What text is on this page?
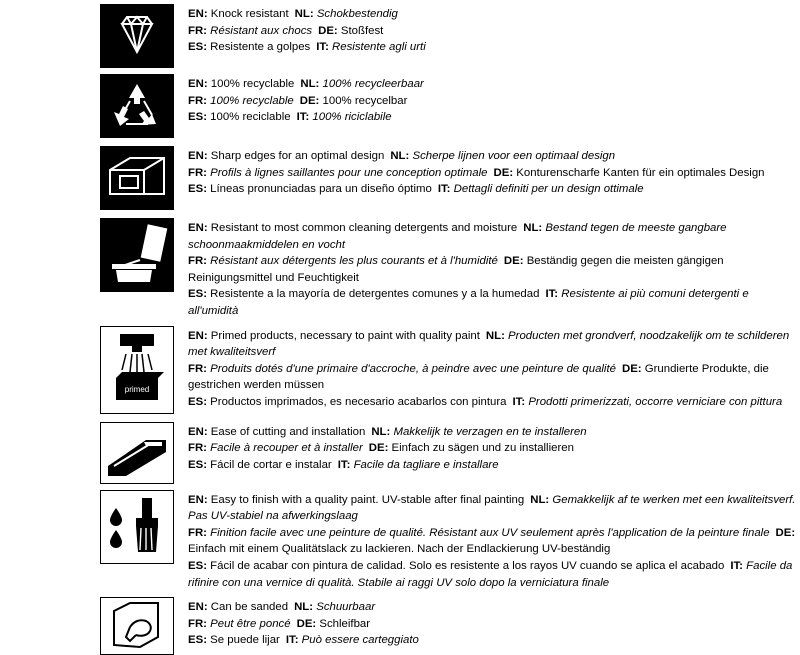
EN: Knock resistant NL: Schokbestendig
FR: Résistant aux chocs DE: Stoßfest
ES: Resistente a golpes IT: Resistente agli urti
EN: 100% recyclable NL: 100% recycleerbaar
FR: 100% recyclable DE: 100% recycelbar
ES: 100% reciclable IT: 100% riciclabile
EN: Sharp edges for an optimal design NL: Scherpe lijnen voor een optimaal design
FR: Profils à lignes saillantes pour une conception optimale DE: Konturenscharfe Kanten für ein optimales Design
ES: Líneas pronunciadas para un diseño óptimo IT: Dettagli definiti per un design ottimale
EN: Resistant to most common cleaning detergents and moisture NL: Bestand tegen de meeste gangbare schoonmaakmiddelen en vocht
FR: Résistant aux détergents les plus courants et à l'humidité DE: Beständig gegen die meisten gängigen Reinigungsmittel und Feuchtigkeit
ES: Resistente a la mayoría de detergentes comunes y a la humedad IT: Resistente ai più comuni detergenti e all'umidità
primed
EN: Primed products, necessary to paint with quality paint NL: Producten met grondverf, noodzakelijk om te schilderen met kwaliteitsverf
FR: Produits dotés d'une primaire d'accroche, à peindre avec une peinture de qualité DE: Grundierte Produkte, die gestrichen werden müssen
ES: Productos imprimados, es necesario acabarlos con pintura IT: Prodotti primerizzati, occorre verniciare con pittura
EN: Ease of cutting and installation NL: Makkelijk te verzagen en te installeren
FR: Facile à recouper et à installer DE: Einfach zu sägen und zu installieren
ES: Fácil de cortar e instalar IT: Facile da tagliare e installare
EN: Easy to finish with a quality paint. UV-stable after final painting NL: Gemakkelijk af te werken met een kwaliteitsverf. Pas UV-stabiel na afwerkingslaag
FR: Finition facile avec une peinture de qualité. Résistant aux UV seulement après l'application de la peinture finale DE: Einfach mit einem Qualitätslack zu lackieren. Nach der Endlackierung UV-beständig
ES: Fácil de acabar con pintura de calidad. Solo es resistente a los rayos UV cuando se aplica el acabado IT: Facile da rifinire con una vernice di qualità. Stabile ai raggi UV solo dopo la verniciatura finale
EN: Can be sanded NL: Schuurbaar
FR: Peut être poncé DE: Schleifbar
ES: Se puede lijar IT: Può essere carteggiato
